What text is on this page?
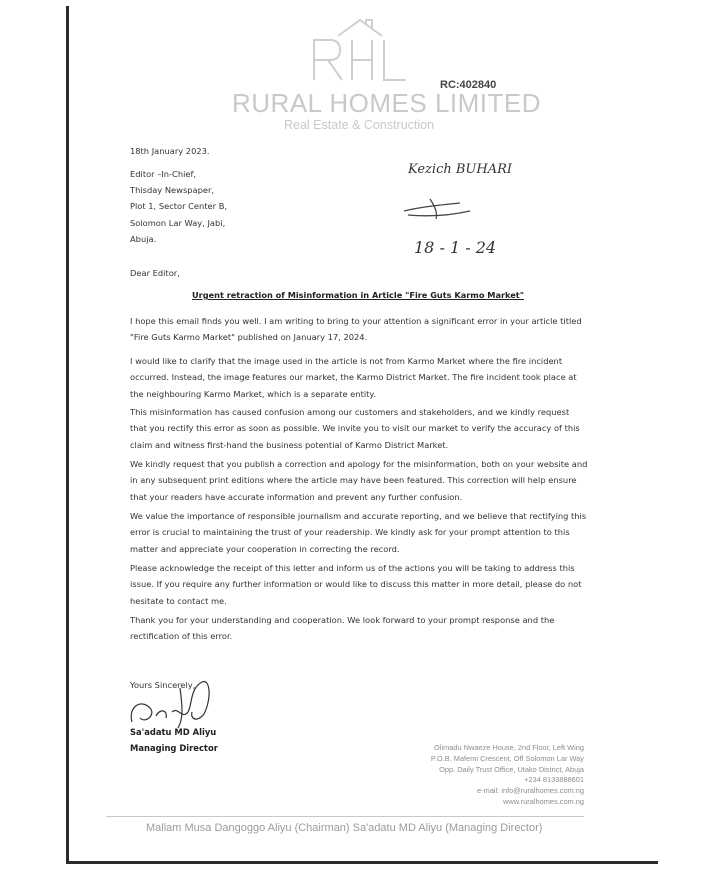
RC:402840
RURAL HOMES LIMITED
Real Estate & Construction
18th January 2023.
Editor –In-Chief,
Thisday Newspaper,
Plot 1, Sector Center B,
Solomon Lar Way, Jabi,
Abuja.
Kezich BUHARI
18 - 1 - 24
Dear Editor,
Urgent retraction of Misinformation in Article "Fire Guts Karmo Market"
I hope this email finds you well. I am writing to bring to your attention a significant error in your article titled "Fire Guts Karmo Market" published on January 17, 2024.
I would like to clarify that the image used in the article is not from Karmo Market where the fire incident occurred. Instead, the image features our market, the Karmo District Market. The fire incident took place at the neighbouring Karmo Market, which is a separate entity.
This misinformation has caused confusion among our customers and stakeholders, and we kindly request that you rectify this error as soon as possible. We invite you to visit our market to verify the accuracy of this claim and witness first-hand the business potential of Karmo District Market.
We kindly request that you publish a correction and apology for the misinformation, both on your website and in any subsequent print editions where the article may have been featured. This correction will help ensure that your readers have accurate information and prevent any further confusion.
We value the importance of responsible journalism and accurate reporting, and we believe that rectifying this error is crucial to maintaining the trust of your readership. We kindly ask for your prompt attention to this matter and appreciate your cooperation in correcting the record.
Please acknowledge the receipt of this letter and inform us of the actions you will be taking to address this issue. If you require any further information or would like to discuss this matter in more detail, please do not hesitate to contact me.
Thank you for your understanding and cooperation. We look forward to your prompt response and the rectification of this error.
Yours Sincerely,
Sa'adatu MD Aliyu
Managing Director	Olimadu Nwaeze House, 2nd Floor, Left Wing
P.O.B. Mafemi Crescent, Off Solomon Lar Way
Opp. Daily Trust Office, Utako District, Abuja
+234 8133888601
e-mail: info@ruralhomes.com.ng
www.ruralhomes.com.ng
Mallam Musa Dangoggo Aliyu (Chairman) Sa'adatu MD Aliyu (Managing Director)
